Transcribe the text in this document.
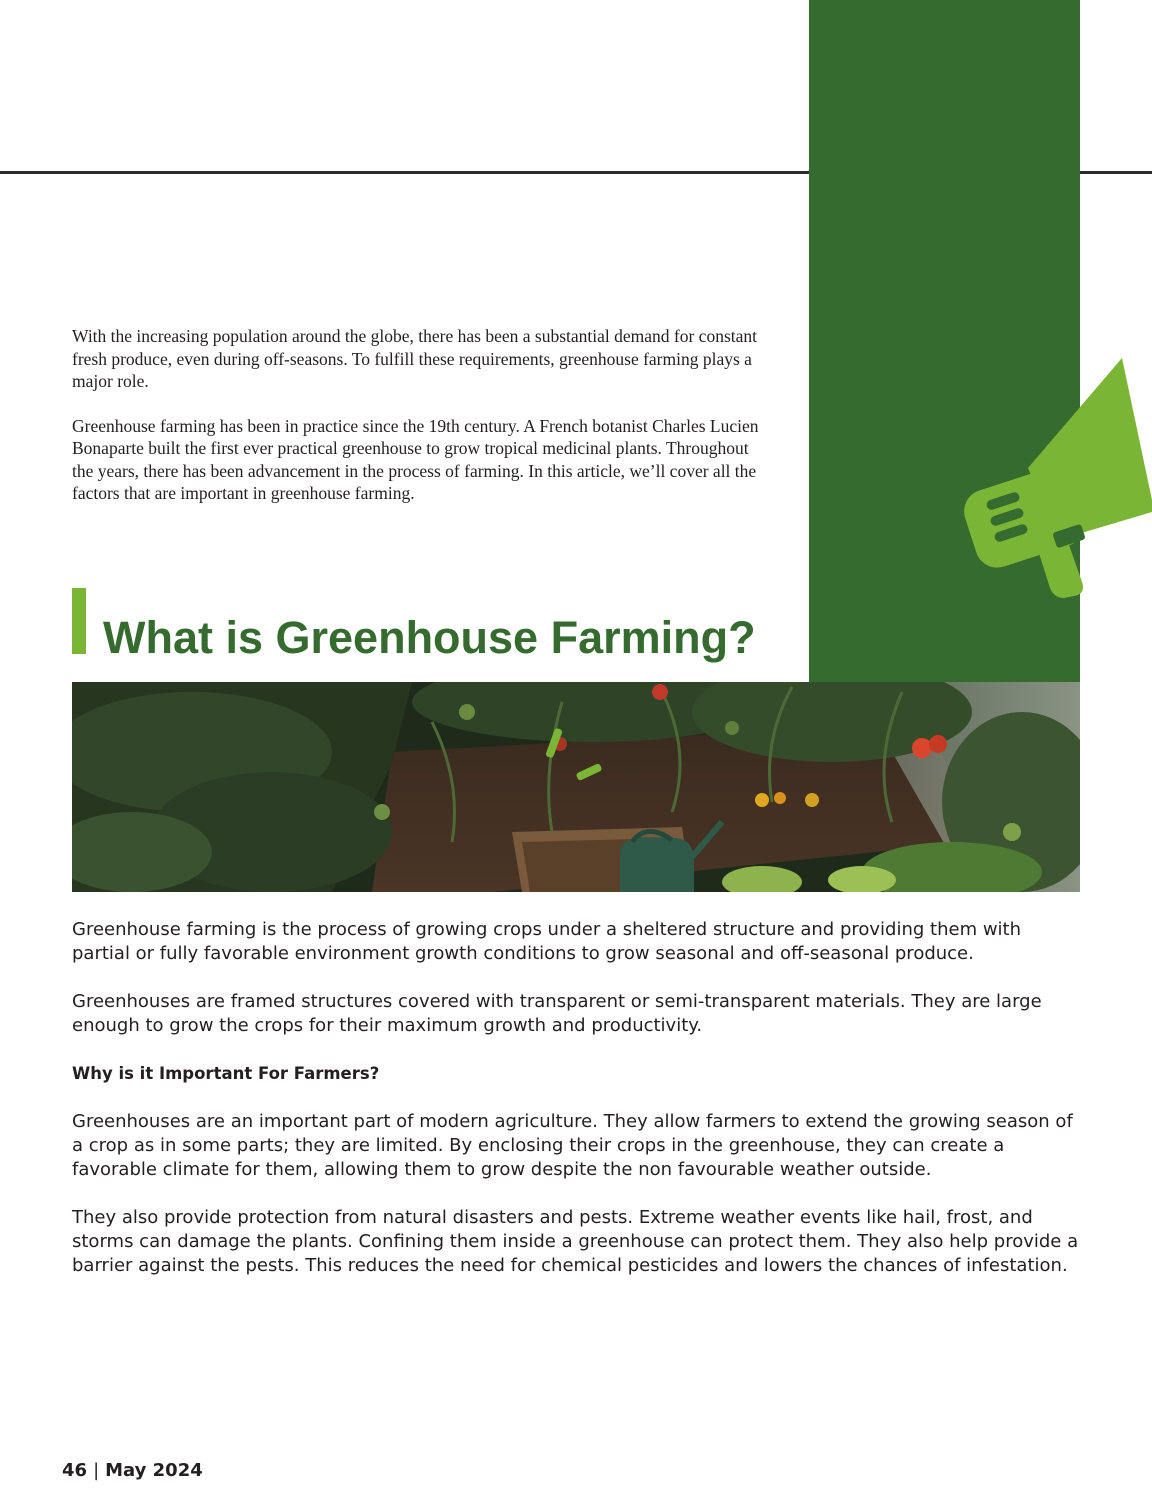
With the increasing population around the globe, there has been a substantial demand for constant fresh produce, even during off-seasons. To fulfill these requirements, greenhouse farming plays a major role.

Greenhouse farming has been in practice since the 19th century. A French botanist Charles Lucien Bonaparte built the first ever practical greenhouse to grow tropical medicinal plants. Throughout the years, there has been advancement in the process of farming. In this article, we’ll cover all the factors that are important in greenhouse farming.

What is Greenhouse Farming?

Greenhouse farming is the process of growing crops under a sheltered structure and providing them with partial or fully favorable environment growth conditions to grow seasonal and off-seasonal produce.

Greenhouses are framed structures covered with transparent or semi-transparent materials. They are large enough to grow the crops for their maximum growth and productivity.

Why is it Important For Farmers?

Greenhouses are an important part of modern agriculture. They allow farmers to extend the growing season of a crop as in some parts; they are limited. By enclosing their crops in the greenhouse, they can create a favorable climate for them, allowing them to grow despite the non favourable weather outside.

They also provide protection from natural disasters and pests. Extreme weather events like hail, frost, and storms can damage the plants. Confining them inside a greenhouse can protect them. They also help provide a barrier against the pests. This reduces the need for chemical pesticides and lowers the chances of infestation.

46 | May 2024
